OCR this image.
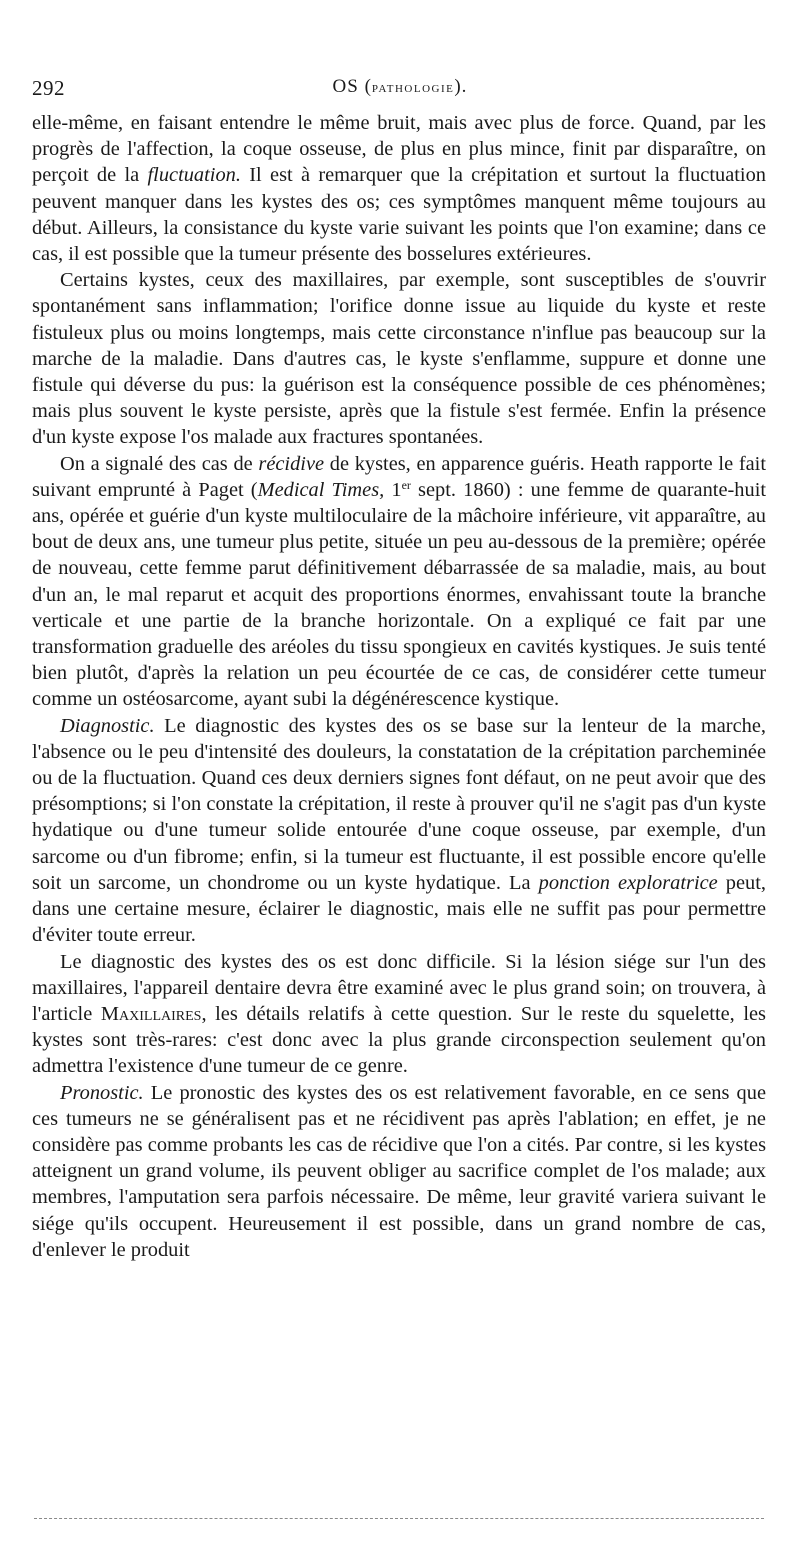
292	OS (pathologie).

elle-même, en faisant entendre le même bruit, mais avec plus de force. Quand, par les progrès de l'affection, la coque osseuse, de plus en plus mince, finit par disparaître, on perçoit de la fluctuation. Il est à remarquer que la crépitation et surtout la fluctuation peuvent manquer dans les kystes des os; ces symptômes manquent même toujours au début. Ailleurs, la consistance du kyste varie suivant les points que l'on examine; dans ce cas, il est possible que la tumeur présente des bosselures extérieures.

Certains kystes, ceux des maxillaires, par exemple, sont susceptibles de s'ouvrir spontanément sans inflammation; l'orifice donne issue au liquide du kyste et reste fistuleux plus ou moins longtemps, mais cette circonstance n'influe pas beaucoup sur la marche de la maladie. Dans d'autres cas, le kyste s'enflamme, suppure et donne une fistule qui déverse du pus: la guérison est la conséquence possible de ces phénomènes; mais plus souvent le kyste persiste, après que la fistule s'est fermée. Enfin la présence d'un kyste expose l'os malade aux fractures spontanées.

On a signalé des cas de récidive de kystes, en apparence guéris. Heath rapporte le fait suivant emprunté à Paget (Medical Times, 1er sept. 1860) : une femme de quarante-huit ans, opérée et guérie d'un kyste multiloculaire de la mâchoire inférieure, vit apparaître, au bout de deux ans, une tumeur plus petite, située un peu au-dessous de la première; opérée de nouveau, cette femme parut définitivement débarrassée de sa maladie, mais, au bout d'un an, le mal reparut et acquit des proportions énormes, envahissant toute la branche verticale et une partie de la branche horizontale. On a expliqué ce fait par une transformation graduelle des aréoles du tissu spongieux en cavités kystiques. Je suis tenté bien plutôt, d'après la relation un peu écourtée de ce cas, de considérer cette tumeur comme un ostéosarcome, ayant subi la dégénérescence kystique.

Diagnostic. Le diagnostic des kystes des os se base sur la lenteur de la marche, l'absence ou le peu d'intensité des douleurs, la constatation de la crépitation parcheminée ou de la fluctuation. Quand ces deux derniers signes font défaut, on ne peut avoir que des présomptions; si l'on constate la crépitation, il reste à prouver qu'il ne s'agit pas d'un kyste hydatique ou d'une tumeur solide entourée d'une coque osseuse, par exemple, d'un sarcome ou d'un fibrome; enfin, si la tumeur est fluctuante, il est possible encore qu'elle soit un sarcome, un chondrome ou un kyste hydatique. La ponction exploratrice peut, dans une certaine mesure, éclairer le diagnostic, mais elle ne suffit pas pour permettre d'éviter toute erreur.

Le diagnostic des kystes des os est donc difficile. Si la lésion siége sur l'un des maxillaires, l'appareil dentaire devra être examiné avec le plus grand soin; on trouvera, à l'article Maxillaires, les détails relatifs à cette question. Sur le reste du squelette, les kystes sont très-rares: c'est donc avec la plus grande circonspection seulement qu'on admettra l'existence d'une tumeur de ce genre.

Pronostic. Le pronostic des kystes des os est relativement favorable, en ce sens que ces tumeurs ne se généralisent pas et ne récidivent pas après l'ablation; en effet, je ne considère pas comme probants les cas de récidive que l'on a cités. Par contre, si les kystes atteignent un grand volume, ils peuvent obliger au sacrifice complet de l'os malade; aux membres, l'amputation sera parfois nécessaire. De même, leur gravité variera suivant le siége qu'ils occupent. Heureusement il est possible, dans un grand nombre de cas, d'enlever le produit
